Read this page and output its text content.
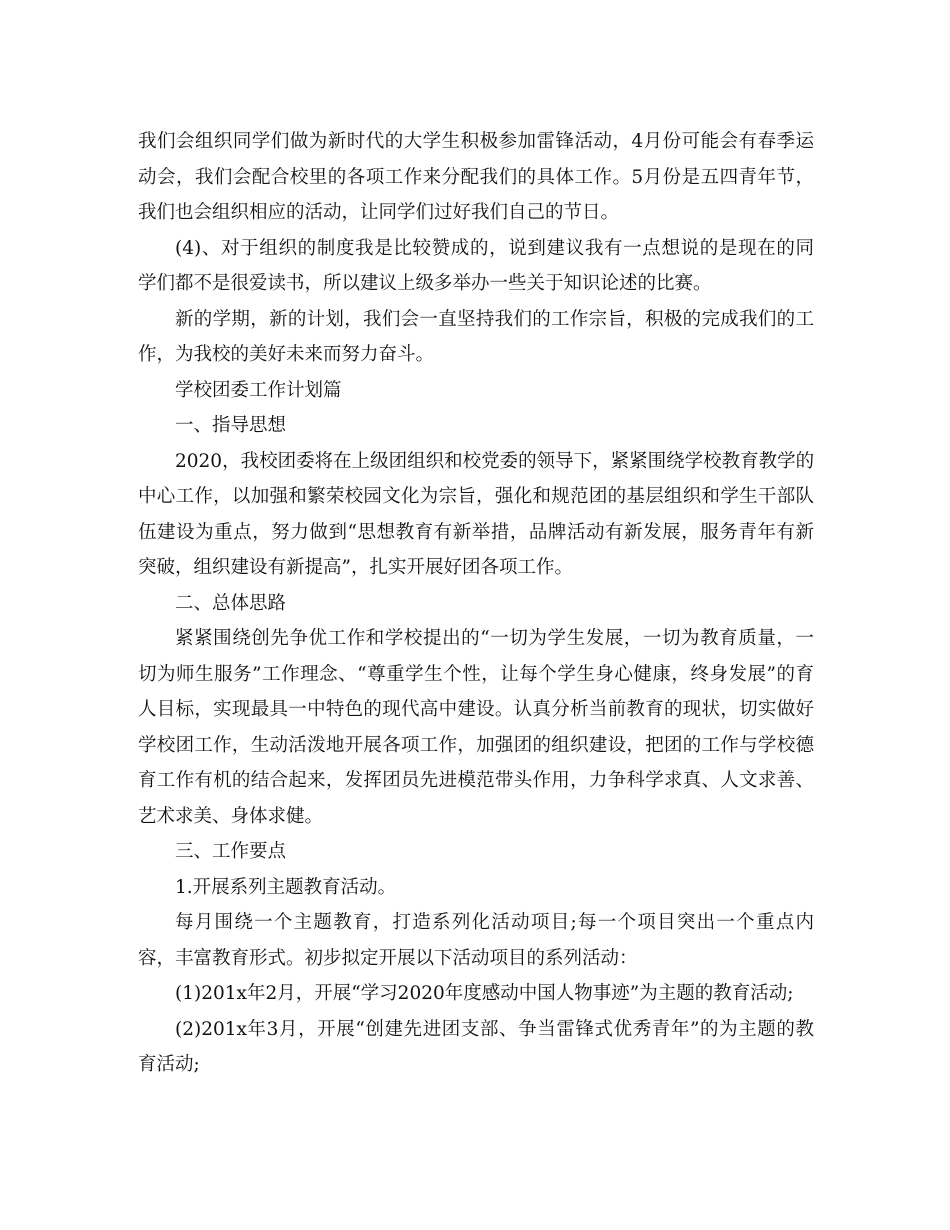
我们会组织同学们做为新时代的大学生积极参加雷锋活动，4月份可能会有春季运
动会，我们会配合校里的各项工作来分配我们的具体工作。5月份是五四青年节，
我们也会组织相应的活动，让同学们过好我们自己的节日。
(4)、对于组织的制度我是比较赞成的，说到建议我有一点想说的是现在的同
学们都不是很爱读书，所以建议上级多举办一些关于知识论述的比赛。
新的学期，新的计划，我们会一直坚持我们的工作宗旨，积极的完成我们的工
作，为我校的美好未来而努力奋斗。
学校团委工作计划篇
一、指导思想
2020，我校团委将在上级团组织和校党委的领导下，紧紧围绕学校教育教学的
中心工作，以加强和繁荣校园文化为宗旨，强化和规范团的基层组织和学生干部队
伍建设为重点，努力做到“思想教育有新举措，品牌活动有新发展，服务青年有新
突破，组织建设有新提高”，扎实开展好团各项工作。
二、总体思路
紧紧围绕创先争优工作和学校提出的“一切为学生发展，一切为教育质量，一
切为师生服务”工作理念、“尊重学生个性，让每个学生身心健康，终身发展”的育
人目标，实现最具一中特色的现代高中建设。认真分析当前教育的现状，切实做好
学校团工作，生动活泼地开展各项工作，加强团的组织建设，把团的工作与学校德
育工作有机的结合起来，发挥团员先进模范带头作用，力争科学求真、人文求善、
艺术求美、身体求健。
三、工作要点
1.开展系列主题教育活动。
每月围绕一个主题教育，打造系列化活动项目;每一个项目突出一个重点内
容，丰富教育形式。初步拟定开展以下活动项目的系列活动：
(1)201x年2月，开展“学习2020年度感动中国人物事迹”为主题的教育活动;
(2)201x年3月，开展“创建先进团支部、争当雷锋式优秀青年”的为主题的教
育活动;
